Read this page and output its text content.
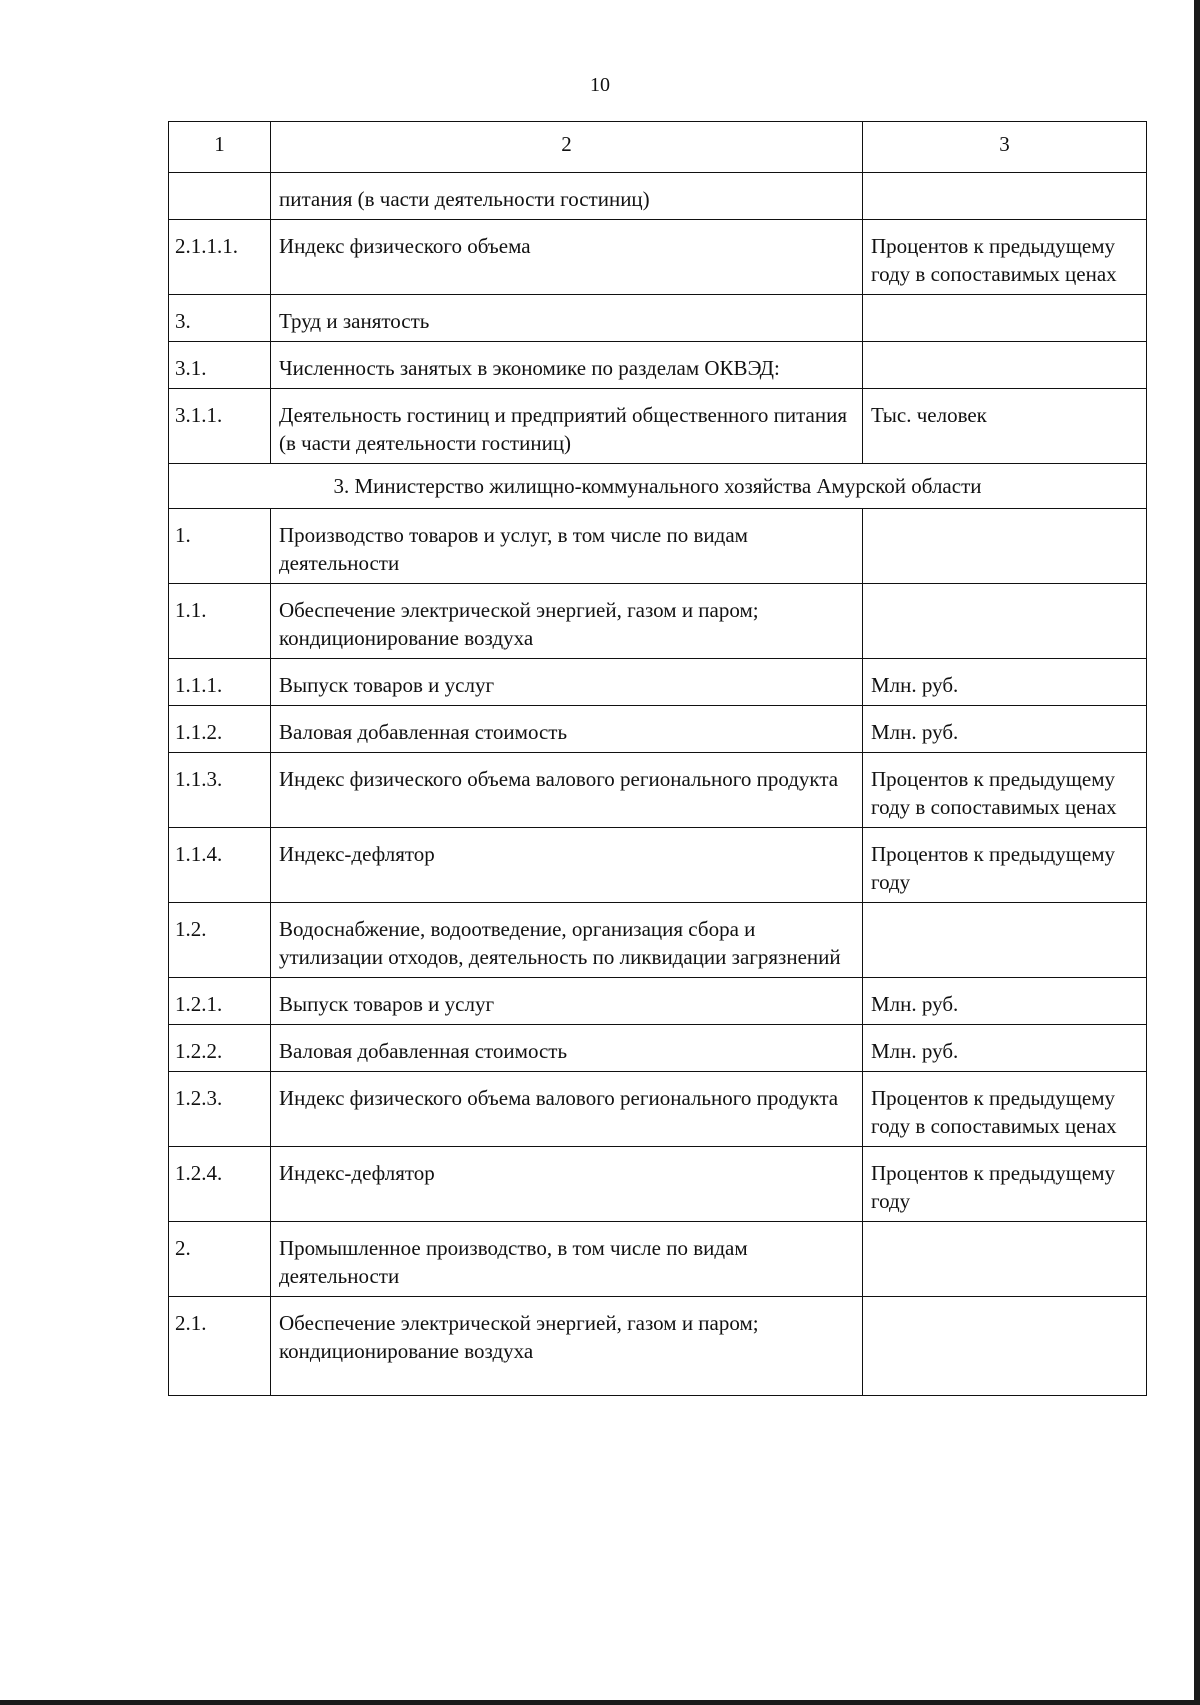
10
1	2	3
	питания (в части деятельности гостиниц)	
2.1.1.1.	Индекс физического объема	Процентов к предыдущему году в сопоставимых ценах
3.	Труд и занятость	
3.1.	Численность занятых в экономике по разделам ОКВЭД:	
3.1.1.	Деятельность гостиниц и предприятий общественного питания (в части деятельности гостиниц)	Тыс. человек
3. Министерство жилищно-коммунального хозяйства Амурской области		
1.	Производство товаров и услуг, в том числе по видам деятельности	
1.1.	Обеспечение электрической энергией, газом и паром; кондиционирование воздуха	
1.1.1.	Выпуск товаров и услуг	Млн. руб.
1.1.2.	Валовая добавленная стоимость	Млн. руб.
1.1.3.	Индекс физического объема валового регионального продукта	Процентов к предыдущему году в сопоставимых ценах
1.1.4.	Индекс-дефлятор	Процентов к предыдущему году
1.2.	Водоснабжение, водоотведение, организация сбора и утилизации отходов, деятельность по ликвидации загрязнений	
1.2.1.	Выпуск товаров и услуг	Млн. руб.
1.2.2.	Валовая добавленная стоимость	Млн. руб.
1.2.3.	Индекс физического объема валового регионального продукта	Процентов к предыдущему году в сопоставимых ценах
1.2.4.	Индекс-дефлятор	Процентов к предыдущему году
2.	Промышленное производство, в том числе по видам деятельности	
2.1.	Обеспечение электрической энергией, газом и паром; кондиционирование воздуха	
